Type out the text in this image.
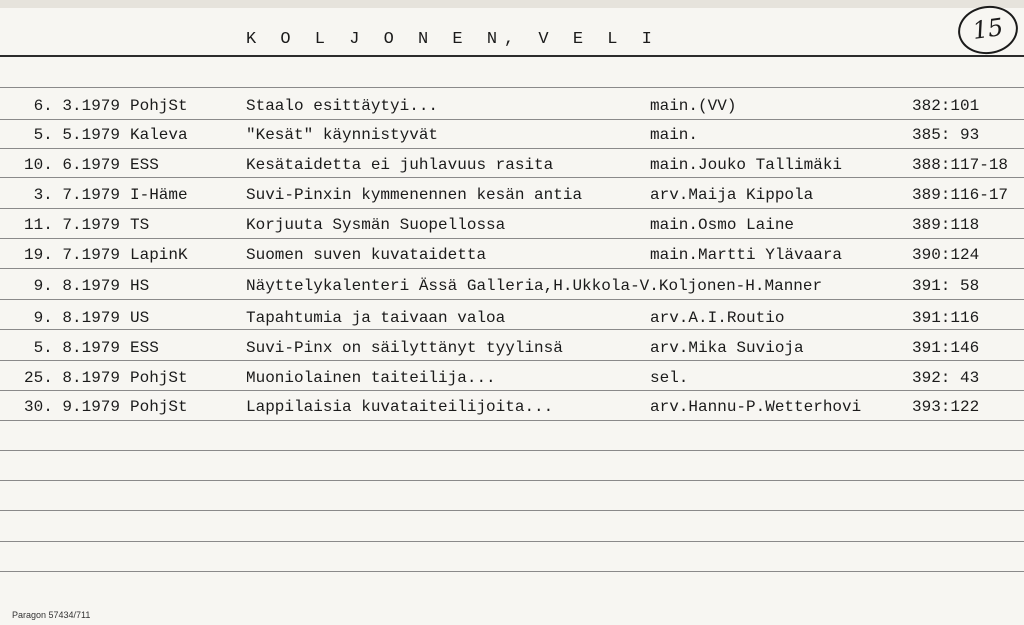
K O L J O N E N, V E L I	15
6. 3.1979 PohjSt	Staalo esittäytyi...	main.(VV)	382:101
5. 5.1979 Kaleva	"Kesät" käynnistyvät	main.	385: 93
10. 6.1979 ESS	Kesätaidetta ei juhlavuus rasita	main.Jouko Tallimäki	388:117-18
3. 7.1979 I-Häme	Suvi-Pinxin kymmenennen kesän antia	arv.Maija Kippola	389:116-17
11. 7.1979 TS	Korjuuta Sysmän Suopellossa	main.Osmo Laine	389:118
19. 7.1979 LapinK	Suomen suven kuvataidetta	main.Martti Ylävaara	390:124
9. 8.1979 HS	Näyttelykalenteri Ässä Galleria,H.Ukkola-V.Koljonen-H.Manner	391: 58
9. 8.1979 US	Tapahtumia ja taivaan valoa	arv.A.I.Routio	391:116
5. 8.1979 ESS	Suvi-Pinx on säilyttänyt tyylinsä	arv.Mika Suvioja	391:146
25. 8.1979 PohjSt	Muoniolainen taiteilija...	sel.	392: 43
30. 9.1979 PohjSt	Lappilaisia kuvataiteilijoita...	arv.Hannu-P.Wetterhovi	393:122
Paragon 57434/711
